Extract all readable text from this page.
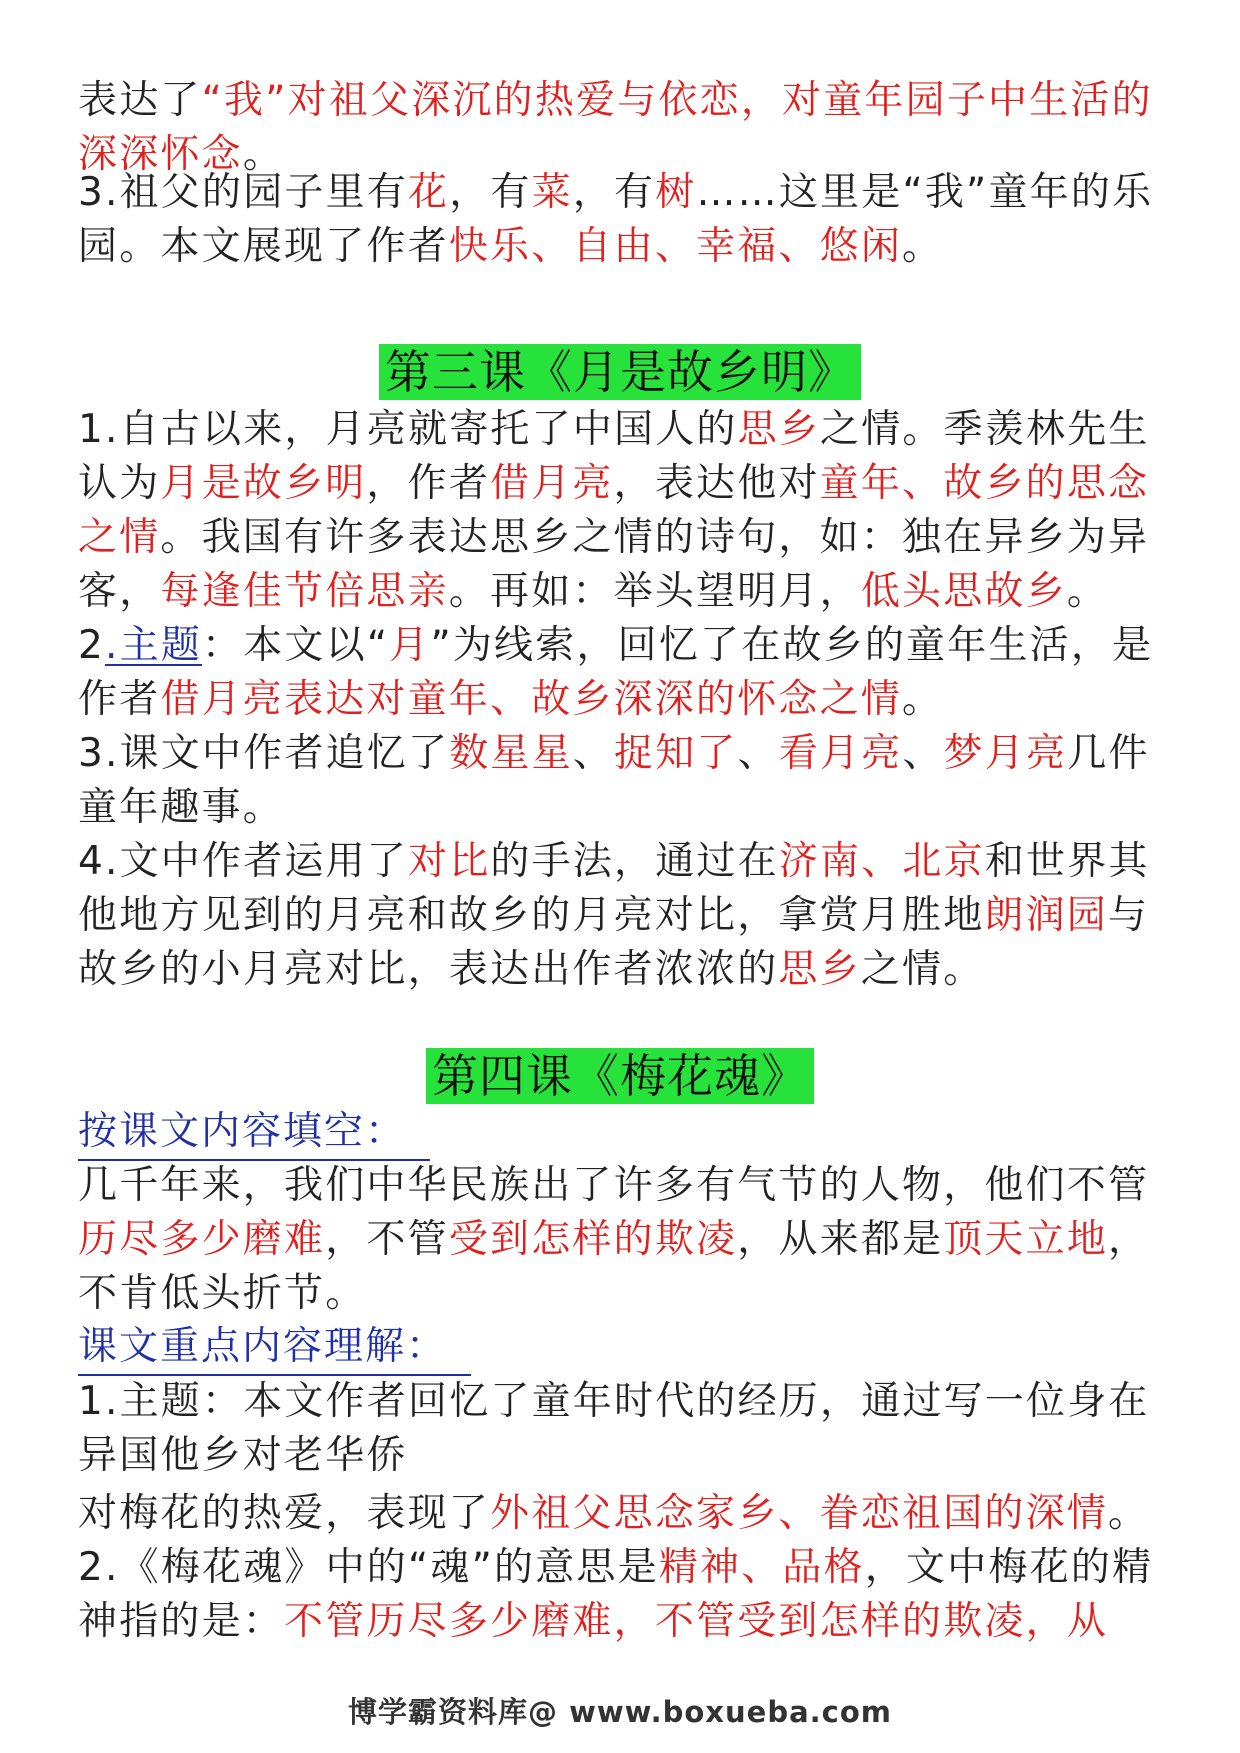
表达了“我”对祖父深沉的热爱与依恋，对童年园子中生活的深深怀念。

3.祖父的园子里有花，有菜，有树……这里是“我”童年的乐园。本文展现了作者快乐、自由、幸福、悠闲。

第三课《月是故乡明》

1.自古以来，月亮就寄托了中国人的思乡之情。季羡林先生认为月是故乡明，作者借月亮，表达他对童年、故乡的思念之情。我国有许多表达思乡之情的诗句，如：独在异乡为异客，每逢佳节倍思亲。再如：举头望明月，低头思故乡。

2.主题：本文以“月”为线索，回忆了在故乡的童年生活，是作者借月亮表达对童年、故乡深深的怀念之情。

3.课文中作者追忆了数星星、捉知了、看月亮、梦月亮几件童年趣事。

4.文中作者运用了对比的手法，通过在济南、北京和世界其他地方见到的月亮和故乡的月亮对比，拿赏月胜地朗润园与故乡的小月亮对比，表达出作者浓浓的思乡之情。

第四课《梅花魂》
按课文内容填空：

几千年来，我们中华民族出了许多有气节的人物，他们不管历尽多少磨难，不管受到怎样的欺凌，从来都是顶天立地，不肯低头折节。

课文重点内容理解：

1.主题：本文作者回忆了童年时代的经历，通过写一位身在异国他乡对老华侨

对梅花的热爱，表现了外祖父思念家乡、眷恋祖国的深情。

2.《梅花魂》中的“魂”的意思是精神、品格，文中梅花的精神指的是：不管历尽多少磨难，不管受到怎样的欺凌，从

博学霸资料库@ www.boxueba.com
